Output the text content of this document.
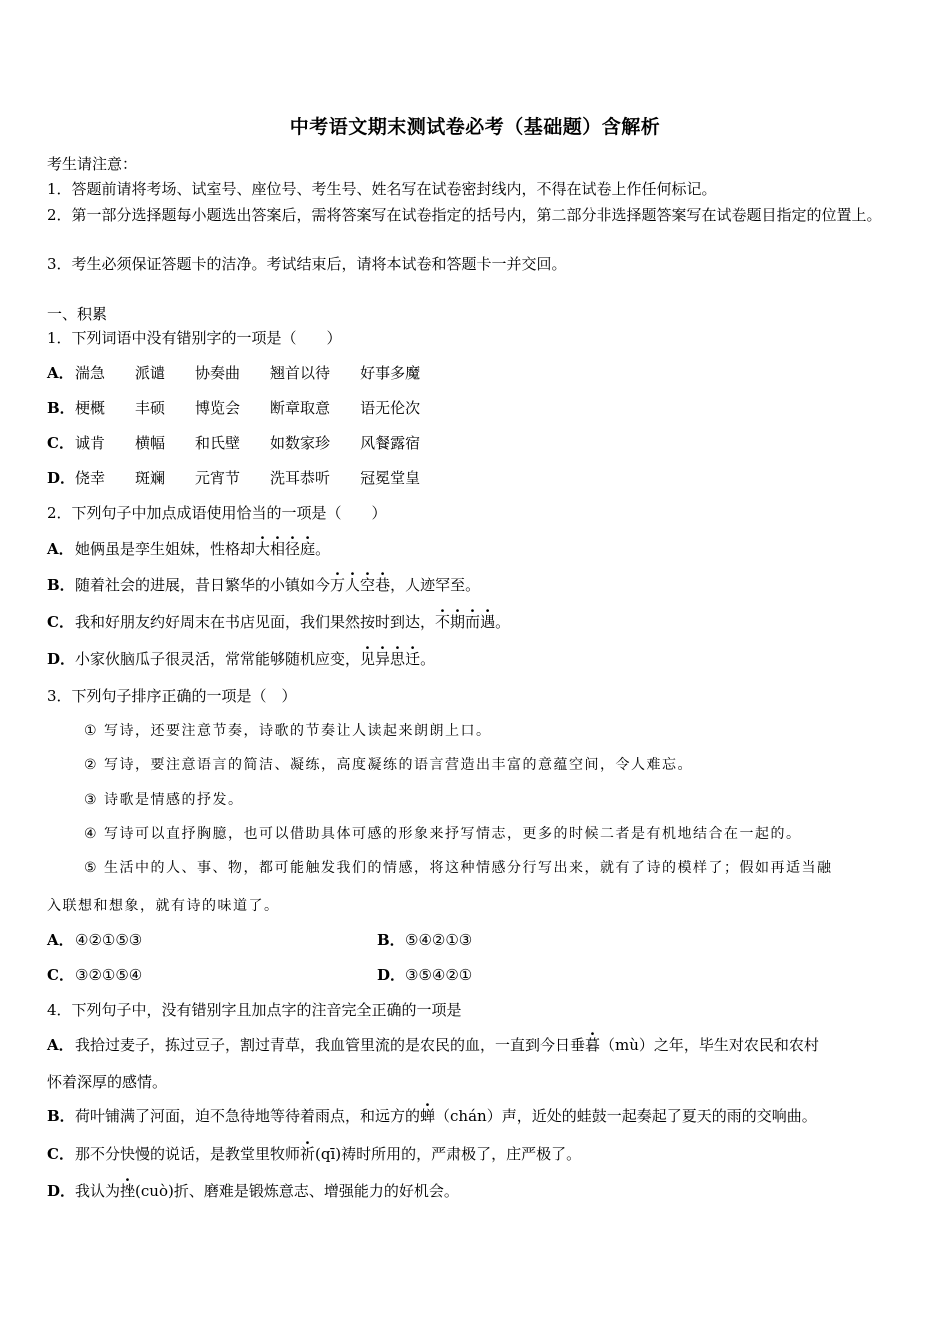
中考语文期末测试卷必考（基础题）含解析
考生请注意：
1．答题前请将考场、试室号、座位号、考生号、姓名写在试卷密封线内，不得在试卷上作任何标记。
2．第一部分选择题每小题选出答案后，需将答案写在试卷指定的括号内，第二部分非选择题答案写在试卷题目指定的位置上。
3．考生必须保证答题卡的洁净。考试结束后，请将本试卷和答题卡一并交回。
一、积累
1．下列词语中没有错别字的一项是（　　）
A．湍急 派谴 协奏曲 翘首以待 好事多魔
B．梗概 丰硕 博览会 断章取意 语无伦次
C．诚肯 横幅 和氏壁 如数家珍 风餐露宿
D．侥幸 斑斓 元宵节 洗耳恭听 冠冕堂皇
2．下列句子中加点成语使用恰当的一项是（　　）
A．她俩虽是孪生姐妹，性格却大相径庭。
B．随着社会的进展，昔日繁华的小镇如今万人空巷，人迹罕至。
C．我和好朋友约好周末在书店见面，我们果然按时到达，不期而遇。
D．小家伙脑瓜子很灵活，常常能够随机应变，见异思迁。
3．下列句子排序正确的一项是（　）
① 写诗，还要注意节奏，诗歌的节奏让人读起来朗朗上口。
② 写诗，要注意语言的简洁、凝练，高度凝练的语言营造出丰富的意蕴空间，令人难忘。
③ 诗歌是情感的抒发。
④ 写诗可以直抒胸臆，也可以借助具体可感的形象来抒写情志，更多的时候二者是有机地结合在一起的。
⑤ 生活中的人、事、物，都可能触发我们的情感，将这种情感分行写出来，就有了诗的模样了；假如再适当融
入联想和想象，就有诗的味道了。
A．④②①⑤③	B．⑤④②①③
C．③②①⑤④	D．③⑤④②①
4．下列句子中，没有错别字且加点字的注音完全正确的一项是
A．我拾过麦子，拣过豆子，割过青草，我血管里流的是农民的血，一直到今日垂暮（mù）之年，毕生对农民和农村
怀着深厚的感情。
B．荷叶铺满了河面，迫不急待地等待着雨点，和远方的蝉（chán）声，近处的蛙鼓一起奏起了夏天的雨的交响曲。
C．那不分快慢的说话，是教堂里牧师祈(qī)祷时所用的，严肃极了，庄严极了。
D．我认为挫(cuò)折、磨难是锻炼意志、增强能力的好机会。
